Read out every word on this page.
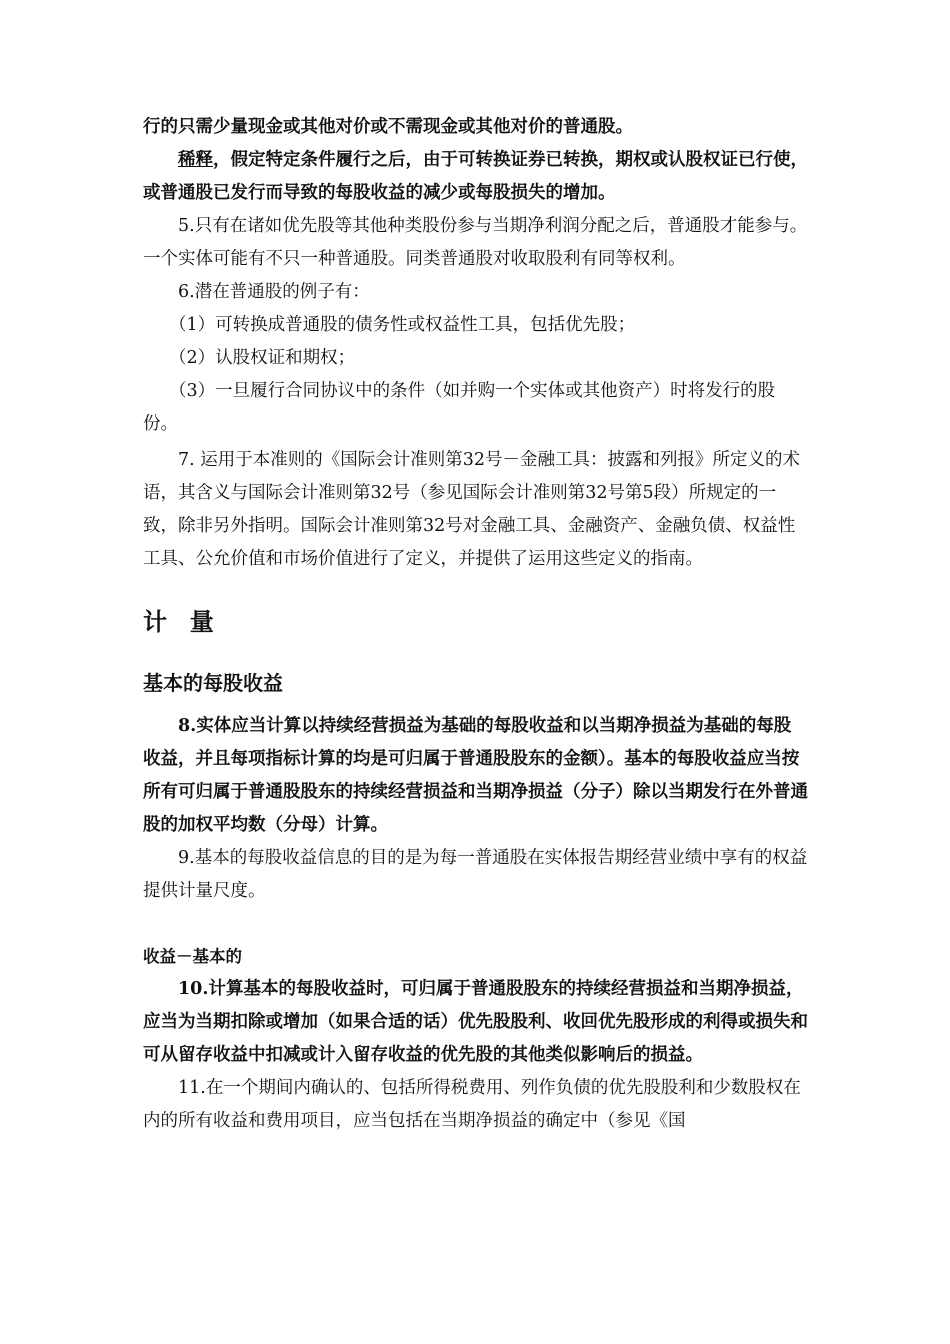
行的只需少量现金或其他对价或不需现金或其他对价的普通股。

稀释，假定特定条件履行之后，由于可转换证券已转换，期权或认股权证已行使，或普通股已发行而导致的每股收益的减少或每股损失的增加。

5.只有在诸如优先股等其他种类股份参与当期净利润分配之后，普通股才能参与。一个实体可能有不只一种普通股。同类普通股对收取股利有同等权利。

6.潜在普通股的例子有：

（1）可转换成普通股的债务性或权益性工具，包括优先股；

（2）认股权证和期权；

（3）一旦履行合同协议中的条件（如并购一个实体或其他资产）时将发行的股份。

7. 运用于本准则的《国际会计准则第32号－金融工具：披露和列报》所定义的术语，其含义与国际会计准则第32号（参见国际会计准则第32号第5段）所规定的一致，除非另外指明。国际会计准则第32号对金融工具、金融资产、金融负债、权益性工具、公允价值和市场价值进行了定义，并提供了运用这些定义的指南。

计  量

基本的每股收益

8.实体应当计算以持续经营损益为基础的每股收益和以当期净损益为基础的每股收益，并且每项指标计算的均是可归属于普通股股东的金额）。基本的每股收益应当按所有可归属于普通股股东的持续经营损益和当期净损益（分子）除以当期发行在外普通股的加权平均数（分母）计算。

9.基本的每股收益信息的目的是为每一普通股在实体报告期经营业绩中享有的权益提供计量尺度。

收益－基本的

10.计算基本的每股收益时，可归属于普通股股东的持续经营损益和当期净损益，应当为当期扣除或增加（如果合适的话）优先股股利、收回优先股形成的利得或损失和可从留存收益中扣减或计入留存收益的优先股的其他类似影响后的损益。

11.在一个期间内确认的、包括所得税费用、列作负债的优先股股利和少数股权在内的所有收益和费用项目，应当包括在当期净损益的确定中（参见《国
